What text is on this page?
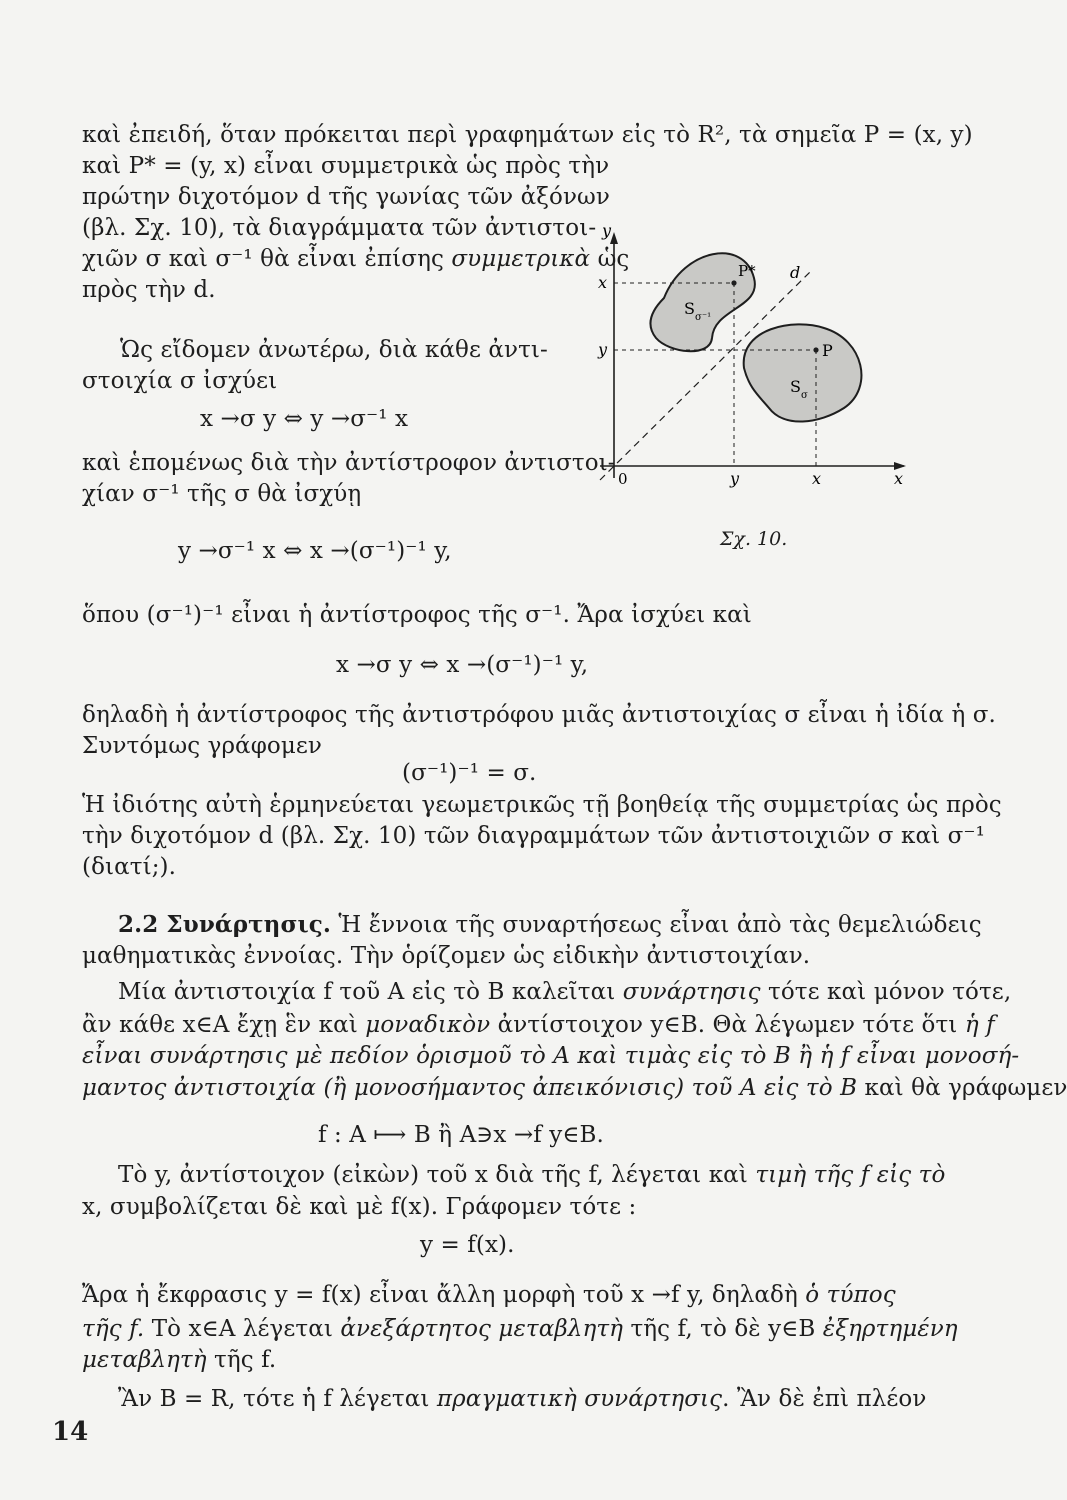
καὶ ἐπειδή, ὅταν πρόκειται περὶ γραφημάτων εἰς τὸ R², τὰ σημεῖα P = (x, y)
καὶ P* = (y, x) εἶναι συμμετρικὰ ὡς πρὸς τὴν
πρώτην διχοτόμον d τῆς γωνίας τῶν ἀξόνων
(βλ. Σχ. 10), τὰ διαγράμματα τῶν ἀντιστοι-
χιῶν σ καὶ σ⁻¹ θὰ εἶναι ἐπίσης συμμετρικὰ ὡς
πρὸς τὴν d.
Ὡς εἴδομεν ἀνωτέρω, διὰ κάθε ἀντι-
στοιχία σ ἰσχύει
x →σ y ⇔ y →σ⁻¹ x
καὶ ἑπομένως διὰ τὴν ἀντίστροφον ἀντιστοι-
χίαν σ⁻¹ τῆς σ θὰ ἰσχύῃ
y →σ⁻¹ x ⇔ x →(σ⁻¹)⁻¹ y,
ὅπου (σ⁻¹)⁻¹ εἶναι ἡ ἀντίστροφος τῆς σ⁻¹. Ἄρα ἰσχύει καὶ
x →σ y ⇔ x →(σ⁻¹)⁻¹ y,
δηλαδὴ ἡ ἀντίστροφος τῆς ἀντιστρόφου μιᾶς ἀντιστοιχίας σ εἶναι ἡ ἰδία ἡ σ.
Συντόμως γράφομεν
(σ⁻¹)⁻¹ = σ.
Ἡ ἰδιότης αὐτὴ ἑρμηνεύεται γεωμετρικῶς τῇ βοηθείᾳ τῆς συμμετρίας ὡς πρὸς
τὴν διχοτόμον d (βλ. Σχ. 10) τῶν διαγραμμάτων τῶν ἀντιστοιχιῶν σ καὶ σ⁻¹
(διατί;).
2.2 Συνάρτησις. Ἡ ἔννοια τῆς συναρτήσεως εἶναι ἀπὸ τὰς θεμελιώδεις
μαθηματικὰς ἐννοίας. Τὴν ὁρίζομεν ὡς εἰδικὴν ἀντιστοιχίαν.
Μία ἀντιστοιχία f τοῦ A εἰς τὸ B καλεῖται συνάρτησις τότε καὶ μόνον τότε,
ἂν κάθε x∈A ἔχῃ ἓν καὶ μοναδικὸν ἀντίστοιχον y∈B. Θὰ λέγωμεν τότε ὅτι ἡ f
εἶναι συνάρτησις μὲ πεδίον ὁρισμοῦ τὸ A καὶ τιμὰς εἰς τὸ B ἢ ἡ f εἶναι μονοσή-
μαντος ἀντιστοιχία (ἢ μονοσήμαντος ἀπεικόνισις) τοῦ A εἰς τὸ B καὶ θὰ γράφωμεν
f : A ⟼ B ἢ A∋x →f y∈B.
Τὸ y, ἀντίστοιχον (εἰκὼν) τοῦ x διὰ τῆς f, λέγεται καὶ τιμὴ τῆς f εἰς τὸ
x, συμβολίζεται δὲ καὶ μὲ f(x). Γράφομεν τότε :
y = f(x).
Ἄρα ἡ ἔκφρασις y = f(x) εἶναι ἄλλη μορφὴ τοῦ x →f y, δηλαδὴ ὁ τύπος
τῆς f. Τὸ x∈A λέγεται ἀνεξάρτητος μεταβλητὴ τῆς f, τὸ δὲ y∈B ἐξηρτημένη
μεταβλητὴ τῆς f.
Ἂν B = R, τότε ἡ f λέγεται πραγματικὴ συνάρτησις. Ἂν δὲ ἐπὶ πλέον
y
x
x
y
0	y	x
P*
P
d
S σ⁻¹
S σ
Σχ. 10.
14
